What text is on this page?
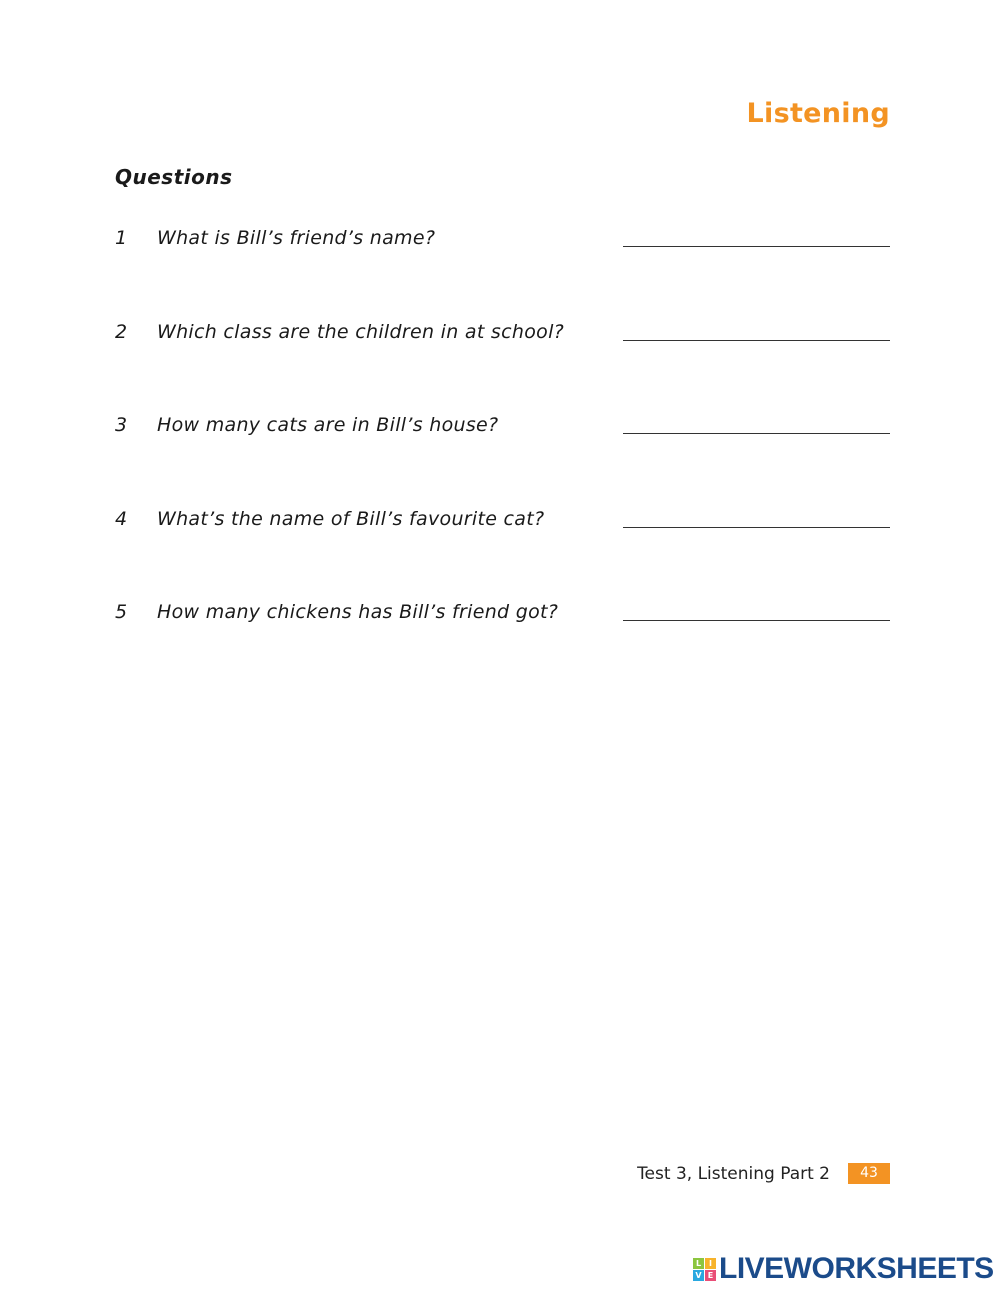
Listening
Questions
1 What is Bill’s friend’s name?
2 Which class are the children in at school?
3 How many cats are in Bill’s house?
4 What’s the name of Bill’s favourite cat?
5 How many chickens has Bill’s friend got?
Test 3, Listening Part 2	43
L I
V E LIVEWORKSHEETS
